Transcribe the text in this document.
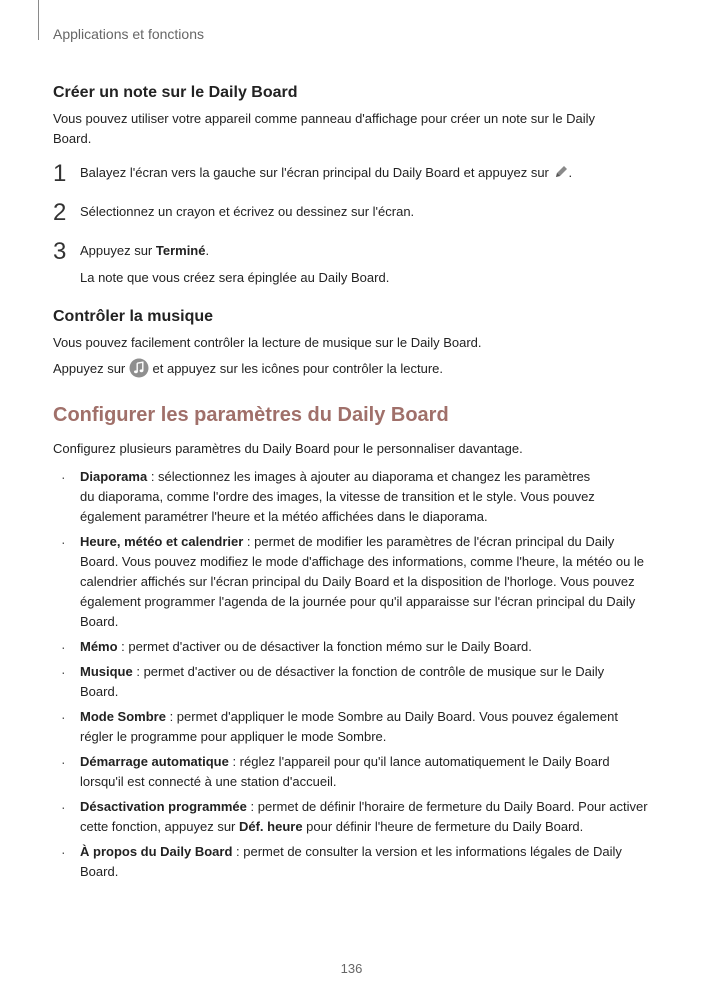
Applications et fonctions
Créer un note sur le Daily Board

Vous pouvez utiliser votre appareil comme panneau d'affichage pour créer un note sur le Daily Board.

1	Balayez l'écran vers la gauche sur l'écran principal du Daily Board et appuyez sur .

2	Sélectionnez un crayon et écrivez ou dessinez sur l'écran.

3	Appuyez sur Terminé.

La note que vous créez sera épinglée au Daily Board.

Contrôler la musique

Vous pouvez facilement contrôler la lecture de musique sur le Daily Board.

Appuyez sur et appuyez sur les icônes pour contrôler la lecture.

Configurer les paramètres du Daily Board

Configurez plusieurs paramètres du Daily Board pour le personnaliser davantage.

· Diaporama : sélectionnez les images à ajouter au diaporama et changez les paramètres du diaporama, comme l'ordre des images, la vitesse de transition et le style. Vous pouvez également paramétrer l'heure et la météo affichées dans le diaporama.
· Heure, météo et calendrier : permet de modifier les paramètres de l'écran principal du Daily Board. Vous pouvez modifiez le mode d'affichage des informations, comme l'heure, la météo ou le calendrier affichés sur l'écran principal du Daily Board et la disposition de l'horloge. Vous pouvez également programmer l'agenda de la journée pour qu'il apparaisse sur l'écran principal du Daily Board.
· Mémo : permet d'activer ou de désactiver la fonction mémo sur le Daily Board.
· Musique : permet d'activer ou de désactiver la fonction de contrôle de musique sur le Daily Board.
· Mode Sombre : permet d'appliquer le mode Sombre au Daily Board. Vous pouvez également régler le programme pour appliquer le mode Sombre.
· Démarrage automatique : réglez l'appareil pour qu'il lance automatiquement le Daily Board lorsqu'il est connecté à une station d'accueil.
· Désactivation programmée : permet de définir l'horaire de fermeture du Daily Board. Pour activer cette fonction, appuyez sur Déf. heure pour définir l'heure de fermeture du Daily Board.
· À propos du Daily Board : permet de consulter la version et les informations légales de Daily Board.
136
